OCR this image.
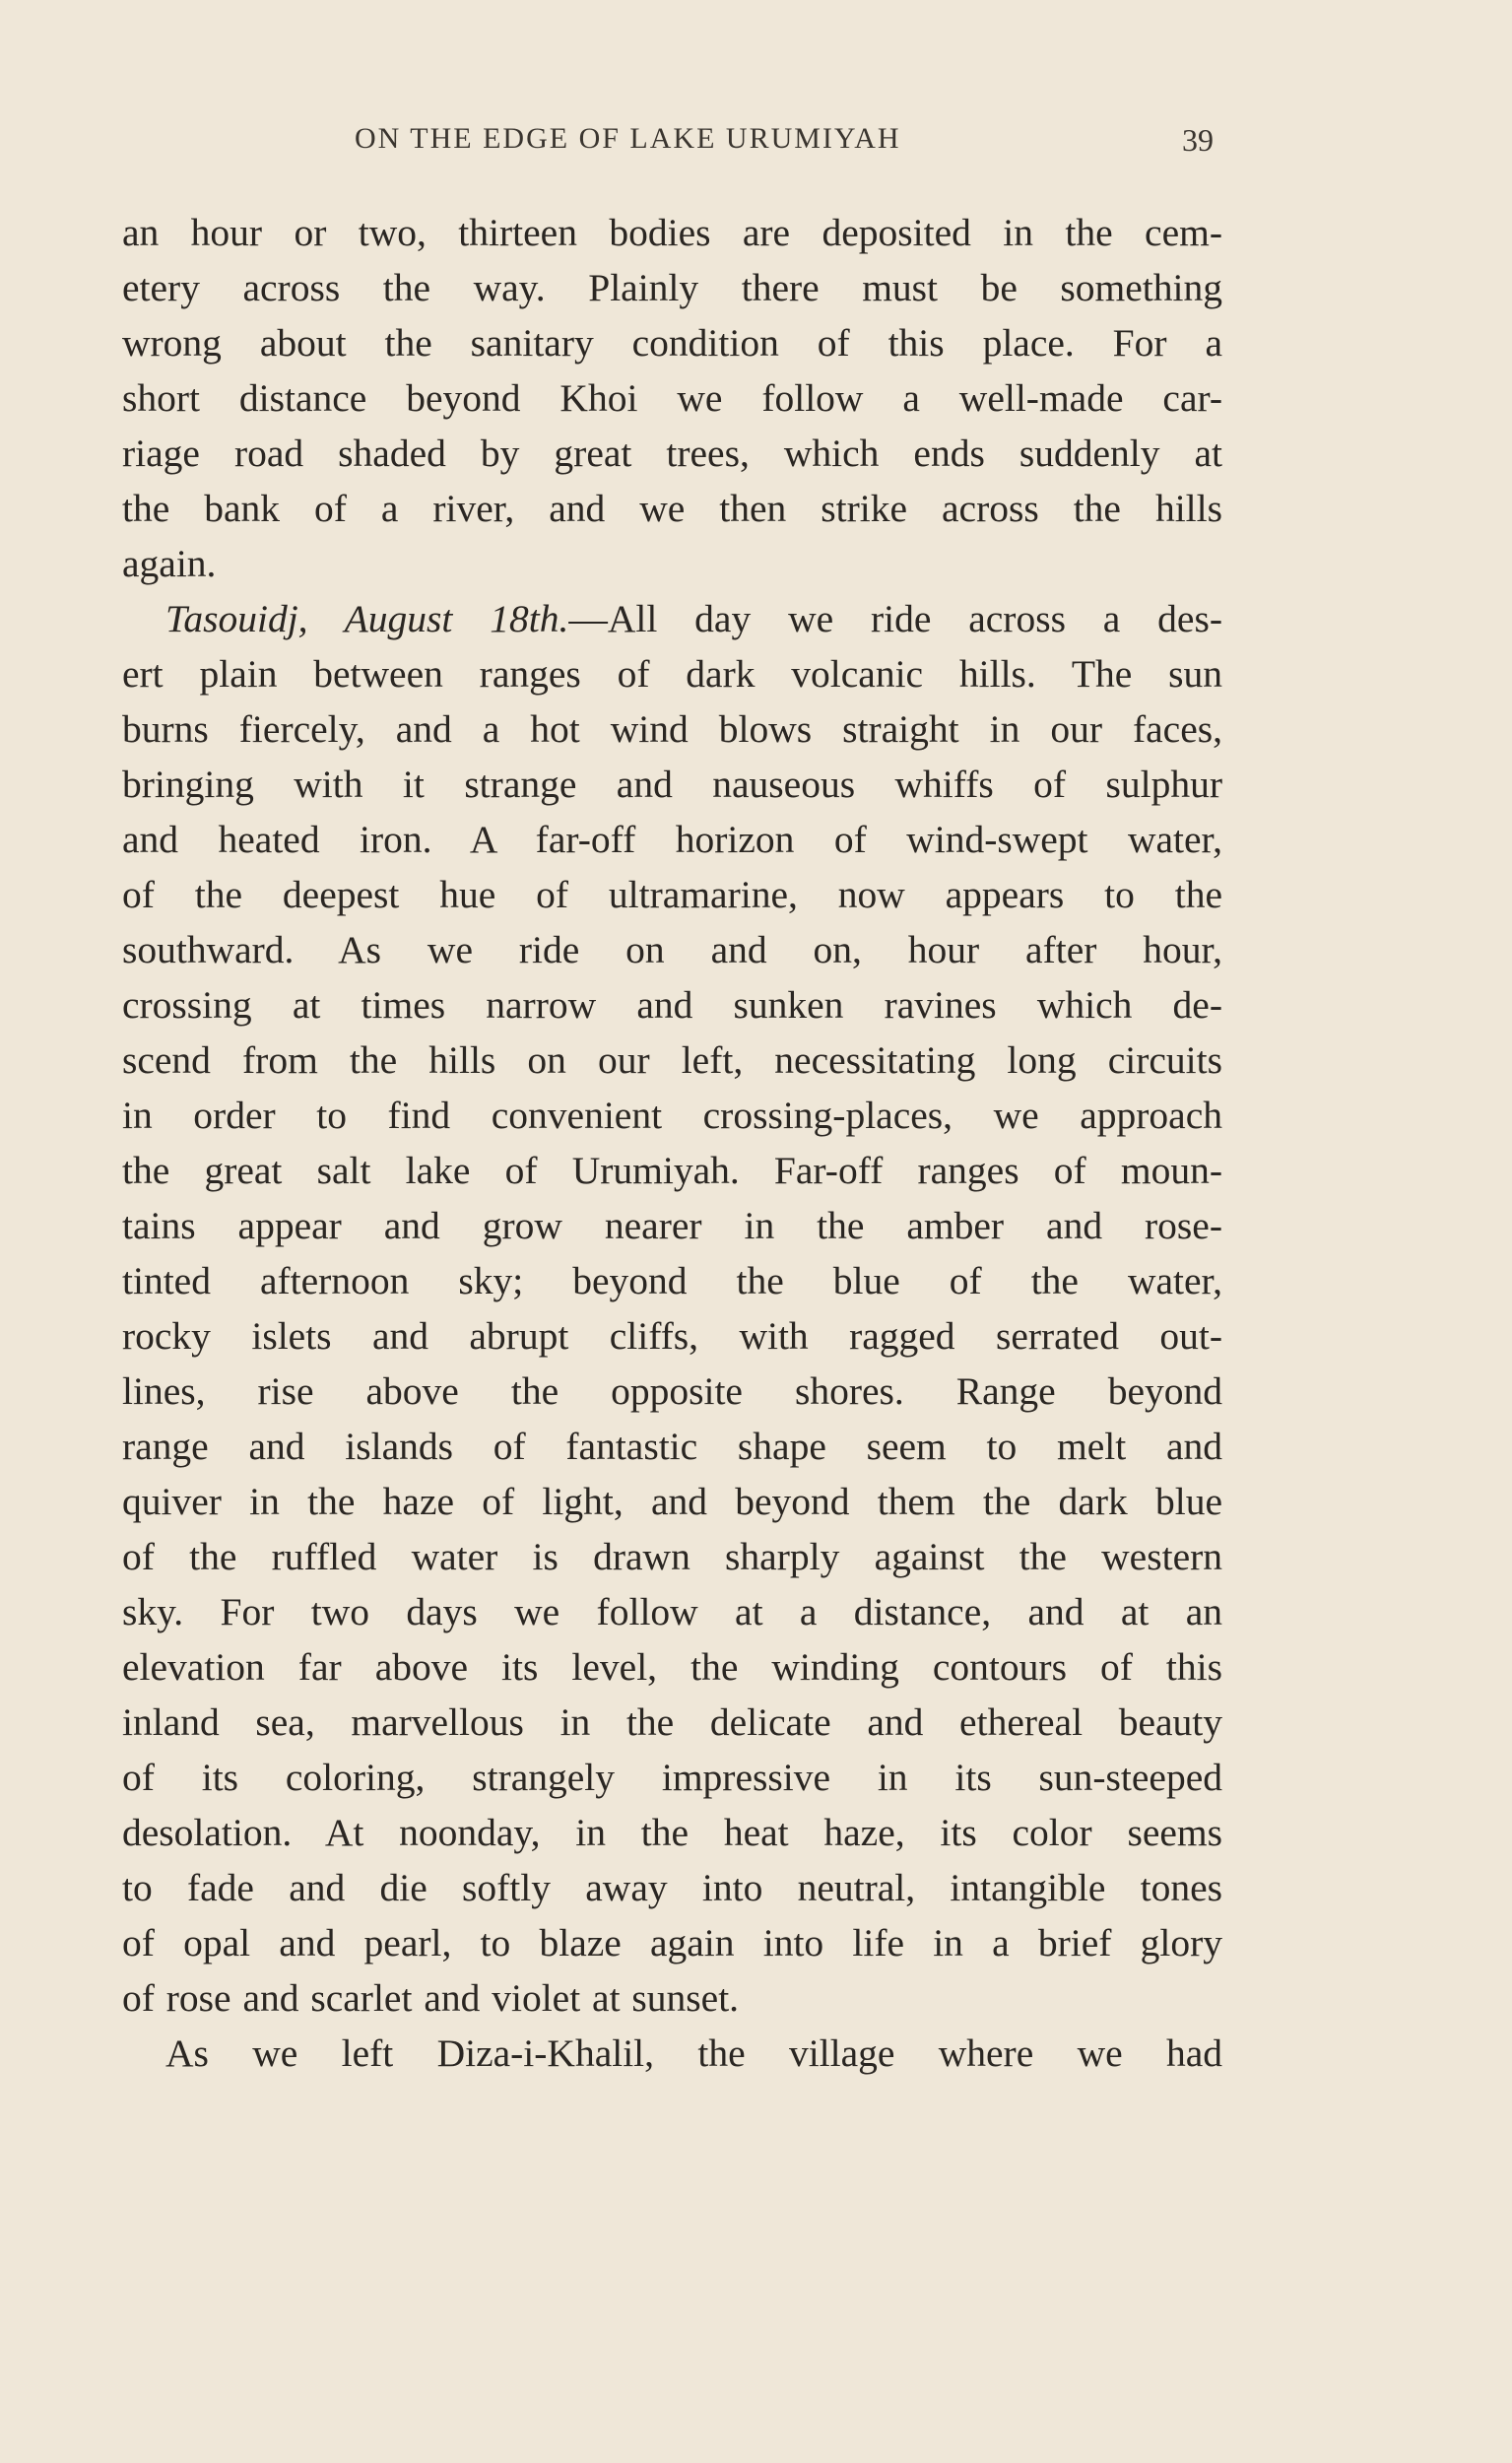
ON THE EDGE OF LAKE URUMIYAH	39
an hour or two, thirteen bodies are deposited in the cem-
etery across the way. Plainly there must be something
wrong about the sanitary condition of this place. For a
short distance beyond Khoi we follow a well-made car-
riage road shaded by great trees, which ends suddenly at
the bank of a river, and we then strike across the hills
again.
Tasouidj, August 18th.—All day we ride across a des-
ert plain between ranges of dark volcanic hills. The sun
burns fiercely, and a hot wind blows straight in our faces,
bringing with it strange and nauseous whiffs of sulphur
and heated iron. A far-off horizon of wind-swept water,
of the deepest hue of ultramarine, now appears to the
southward. As we ride on and on, hour after hour,
crossing at times narrow and sunken ravines which de-
scend from the hills on our left, necessitating long circuits
in order to find convenient crossing-places, we approach
the great salt lake of Urumiyah. Far-off ranges of moun-
tains appear and grow nearer in the amber and rose-
tinted afternoon sky; beyond the blue of the water,
rocky islets and abrupt cliffs, with ragged serrated out-
lines, rise above the opposite shores. Range beyond
range and islands of fantastic shape seem to melt and
quiver in the haze of light, and beyond them the dark blue
of the ruffled water is drawn sharply against the western
sky. For two days we follow at a distance, and at an
elevation far above its level, the winding contours of this
inland sea, marvellous in the delicate and ethereal beauty
of its coloring, strangely impressive in its sun-steeped
desolation. At noonday, in the heat haze, its color seems
to fade and die softly away into neutral, intangible tones
of opal and pearl, to blaze again into life in a brief glory
of rose and scarlet and violet at sunset.
As we left Diza-i-Khalil, the village where we had
